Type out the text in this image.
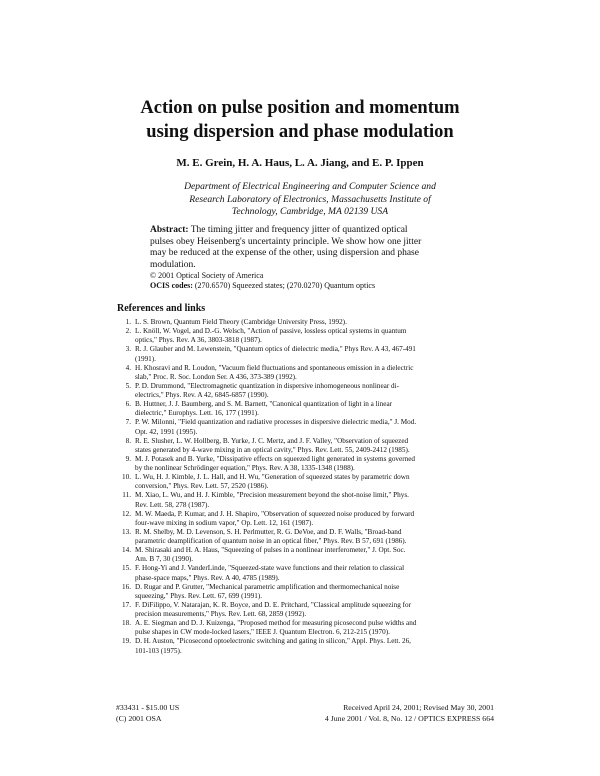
Action on pulse position and momentum
using dispersion and phase modulation
M. E. Grein, H. A. Haus, L. A. Jiang, and E. P. Ippen
Department of Electrical Engineering and Computer Science and
Research Laboratory of Electronics, Massachusetts Institute of
Technology, Cambridge, MA 02139 USA
Abstract: The timing jitter and frequency jitter of quantized optical
pulses obey Heisenberg's uncertainty principle. We show how one jitter
may be reduced at the expense of the other, using dispersion and phase
modulation.
© 2001 Optical Society of America
OCIS codes: (270.6570) Squeezed states; (270.0270) Quantum optics
References and links
1. L. S. Brown, Quantum Field Theory (Cambridge University Press, 1992).
2. L. Knöll, W. Vogel, and D.-G. Welsch, "Action of passive, lossless optical systems in quantum
optics," Phys. Rev. A 36, 3803-3818 (1987).
3. R. J. Glauber and M. Lewenstein, "Quantum optics of dielectric media," Phys Rev. A 43, 467-491
(1991).
4. H. Khosravi and R. Loudon, "Vacuum field fluctuations and spontaneous emission in a dielectric
slab," Proc. R. Soc. London Ser. A 436, 373-389 (1992).
5. P. D. Drummond, "Electromagnetic quantization in dispersive inhomogeneous nonlinear di-
electrics," Phys. Rev. A 42, 6845-6857 (1990).
6. B. Huttner, J. J. Baumberg, and S. M. Barnett, "Canonical quantization of light in a linear
dielectric," Europhys. Lett. 16, 177 (1991).
7. P. W. Milonni, "Field quantization and radiative processes in dispersive dielectric media," J. Mod.
Opt. 42, 1991 (1995).
8. R. E. Slusher, L. W. Hollberg, B. Yurke, J. C. Mertz, and J. F. Valley, "Observation of squeezed
states generated by 4-wave mixing in an optical cavity," Phys. Rev. Lett. 55, 2409-2412 (1985).
9. M. J. Potasek and B. Yurke, "Dissipative effects on squeezed light generated in systems governed
by the nonlinear Schrödinger equation," Phys. Rev. A 38, 1335-1348 (1988).
10. L. Wu, H. J. Kimble, J. L. Hall, and H. Wu, "Generation of squeezed states by parametric down
conversion," Phys. Rev. Lett. 57, 2520 (1986).
11. M. Xiao, L. Wu, and H. J. Kimble, "Precision measurement beyond the shot-noise limit," Phys.
Rev. Lett. 58, 278 (1987).
12. M. W. Maeda, P. Kumar, and J. H. Shapiro, "Observation of squeezed noise produced by forward
four-wave mixing in sodium vapor," Op. Lett. 12, 161 (1987).
13. R. M. Shelby, M. D. Levenson, S. H. Perlmutter, R. G. DeVoe, and D. F. Walls, "Broad-band
parametric deamplification of quantum noise in an optical fiber," Phys. Rev. B 57, 691 (1986).
14. M. Shirasaki and H. A. Haus, "Squeezing of pulses in a nonlinear interferometer," J. Opt. Soc.
Am. B 7, 30 (1990).
15. F. Hong-Yi and J. VanderLinde, "Squeezed-state wave functions and their relation to classical
phase-space maps," Phys. Rev. A 40, 4785 (1989).
16. D. Rugar and P. Grutter, "Mechanical parametric amplification and thermomechanical noise
squeezing," Phys. Rev. Lett. 67, 699 (1991).
17. F. DiFilippo, V. Natarajan, K. R. Boyce, and D. E. Pritchard, "Classical amplitude squeezing for
precision measurements," Phys. Rev. Lett. 68, 2859 (1992).
18. A. E. Siegman and D. J. Kuizenga, "Proposed method for measuring picosecond pulse widths and
pulse shapes in CW mode-locked lasers," IEEE J. Quantum Electron. 6, 212-215 (1970).
19. D. H. Auston, "Picosecond optoelectronic switching and gating in silicon," Appl. Phys. Lett. 26,
101-103 (1975).
#33431 - $15.00 US
(C) 2001 OSA
Received April 24, 2001; Revised May 30, 2001
4 June 2001 / Vol. 8, No. 12 / OPTICS EXPRESS 664
